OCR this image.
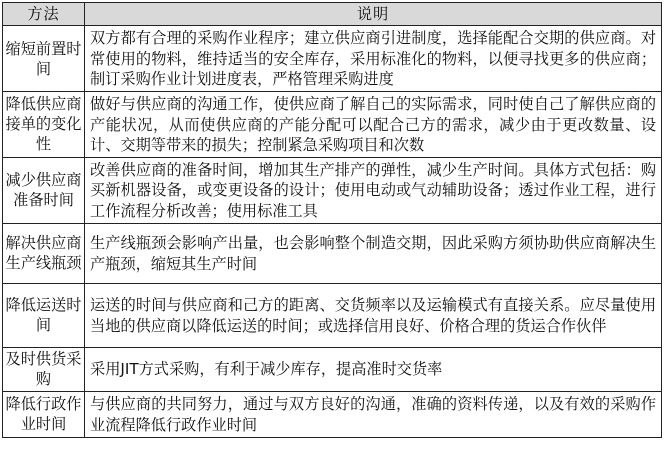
方法	说明
缩短前置时间	双方都有合理的采购作业程序；建立供应商引进制度，选择能配合交期的供应商。对常使用的物料，维持适当的安全库存，采用标准化的物料，以便寻找更多的供应商；制订采购作业计划进度表，严格管理采购进度
降低供应商接单的变化性	做好与供应商的沟通工作，使供应商了解自己的实际需求，同时使自己了解供应商的产能状况，从而使供应商的产能分配可以配合己方的需求，减少由于更改数量、设计、交期等带来的损失；控制紧急采购项目和次数
减少供应商准备时间	改善供应商的准备时间，增加其生产排产的弹性，减少生产时间。具体方式包括：购买新机器设备，或变更设备的设计；使用电动或气动辅助设备；透过作业工程，进行工作流程分析改善；使用标准工具
解决供应商生产线瓶颈	生产线瓶颈会影响产出量，也会影响整个制造交期，因此采购方须协助供应商解决生产瓶颈，缩短其生产时间
降低运送时间	运送的时间与供应商和己方的距离、交货频率以及运输模式有直接关系。应尽量使用当地的供应商以降低运送的时间；或选择信用良好、价格合理的货运合作伙伴
及时供货采购	采用JIT方式采购，有利于减少库存，提高准时交货率
降低行政作业时间	与供应商的共同努力，通过与双方良好的沟通，准确的资料传递，以及有效的采购作业流程降低行政作业时间
